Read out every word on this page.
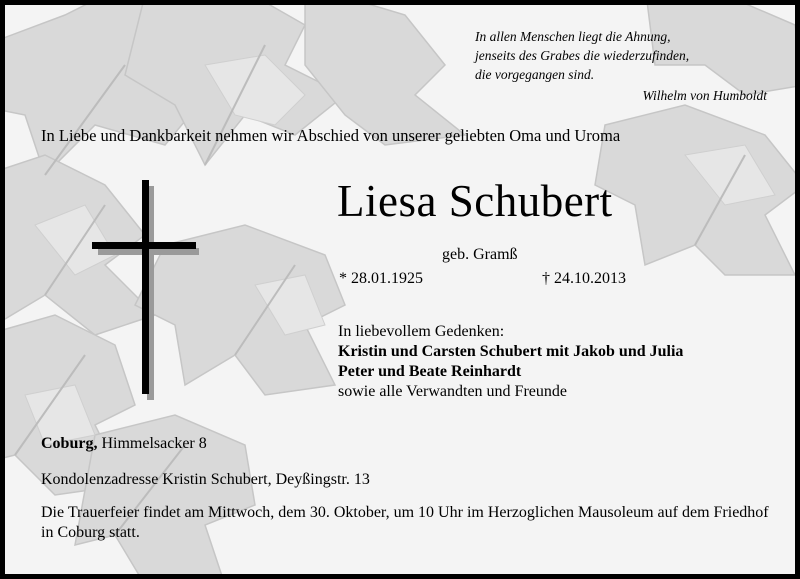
In allen Menschen liegt die Ahnung,
jenseits des Grabes die wiederzufinden,
die vorgegangen sind.
Wilhelm von Humboldt
In Liebe und Dankbarkeit nehmen wir Abschied von unserer geliebten Oma und Uroma
Liesa Schubert
geb. Gramß
* 28.01.1925	† 24.10.2013
In liebevollem Gedenken:
Kristin und Carsten Schubert mit Jakob und Julia
Peter und Beate Reinhardt
sowie alle Verwandten und Freunde
Coburg, Himmelsacker 8
Kondolenzadresse Kristin Schubert, Deyßingstr. 13
Die Trauerfeier findet am Mittwoch, dem 30. Oktober, um 10 Uhr im Herzoglichen Mausoleum auf dem Friedhof in Coburg statt.
